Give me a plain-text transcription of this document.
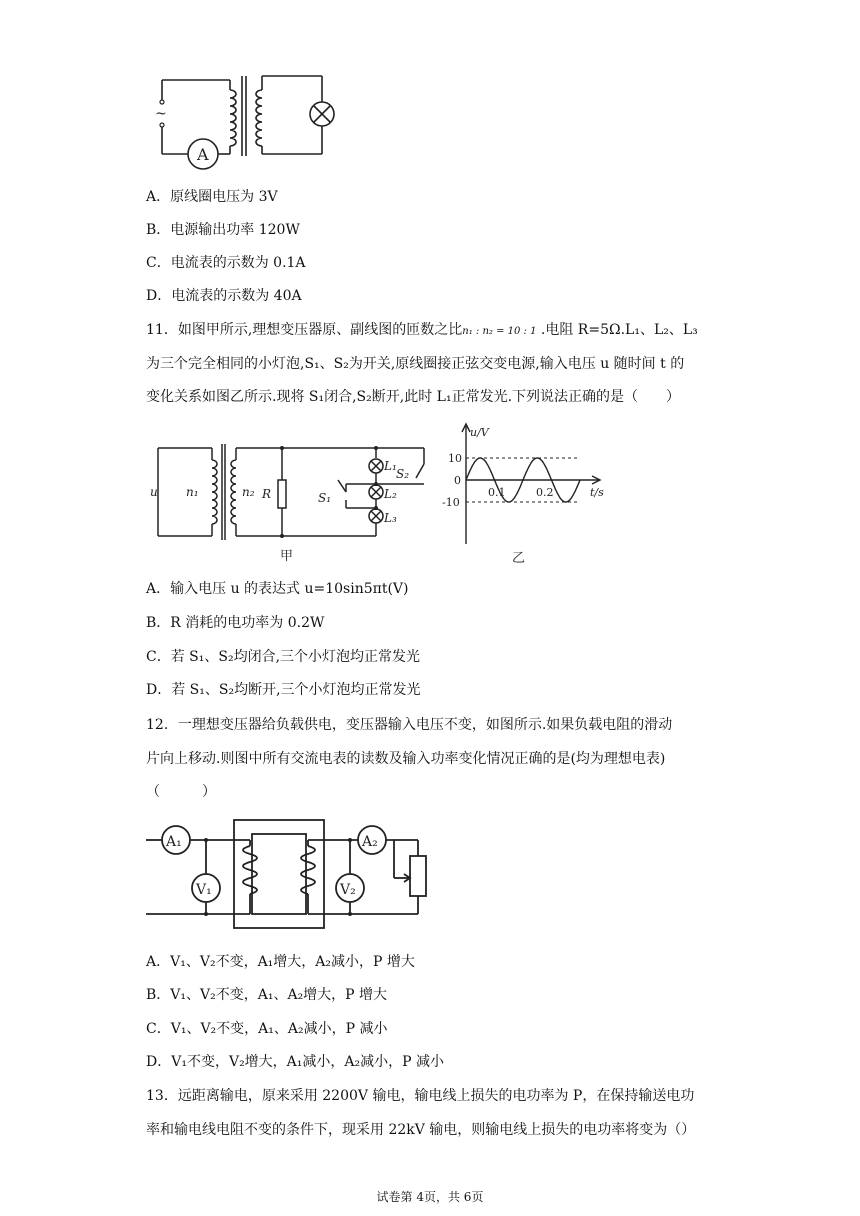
~
A
A．原线圈电压为 3V
B．电源输出功率 120W
C．电流表的示数为 0.1A
D．电流表的示数为 40A
11．如图甲所示,理想变压器原、副线图的匝数之比n₁ : n₂ = 10 : 1 .电阻 R=5Ω.L₁、L₂、L₃
为三个完全相同的小灯泡,S₁、S₂为开关,原线圈接正弦交变电源,输入电压 u 随时间 t 的
变化关系如图乙所示.现将 S₁闭合,S₂断开,此时 L₁正常发光.下列说法正确的是（　　）
u n₁	n₂ R	S₁
S₂
L₁
L₂
L₃
甲
u/V
t/s
10
0
-10
0.1	0.2
乙
A．输入电压 u 的表达式 u=10sin5πt(V)
B．R 消耗的电功率为 0.2W
C．若 S₁、S₂均闭合,三个小灯泡均正常发光
D．若 S₁、S₂均断开,三个小灯泡均正常发光
12．一理想变压器给负载供电，变压器输入电压不变，如图所示.如果负载电阻的滑动
片向上移动.则图中所有交流电表的读数及输入功率变化情况正确的是(均为理想电表)
（　　　）
A₁
V₁
A₂
V₂
A．V₁、V₂不变，A₁增大，A₂减小，P 增大
B．V₁、V₂不变，A₁、A₂增大，P 增大
C．V₁、V₂不变，A₁、A₂减小，P 减小
D．V₁不变，V₂增大，A₁减小，A₂减小，P 减小
13．远距离输电，原来采用 2200V 输电，输电线上损失的电功率为 P，在保持输送电功
率和输电线电阻不变的条件下，现采用 22kV 输电，则输电线上损失的电功率将变为（）
试卷第 4页，共 6页
